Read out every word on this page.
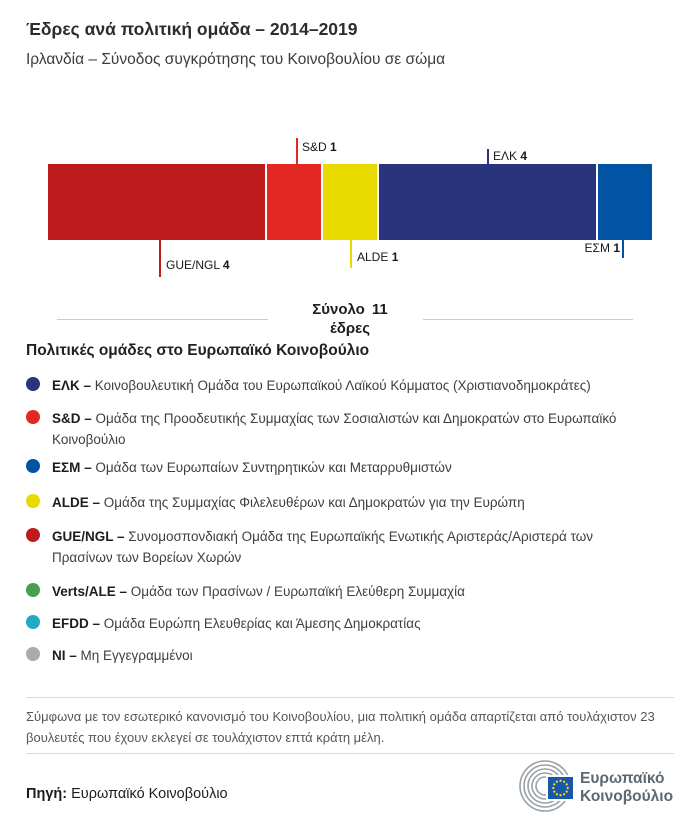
Έδρες ανά πολιτική ομάδα – 2014–2019
Ιρλανδία – Σύνοδος συγκρότησης του Κοινοβουλίου σε σώμα
GUE/NGL 4
S&D 1
ALDE 1
ΕΛΚ 4
ΕΣΜ 1
Σύνολο 11
έδρες
Πολιτικές ομάδες στο Ευρωπαϊκό Κοινοβούλιο
ΕΛΚ – Κοινοβουλευτική Ομάδα του Ευρωπαϊκού Λαϊκού Κόμματος (Χριστιανοδημοκράτες)
S&D – Ομάδα της Προοδευτικής Συμμαχίας των Σοσιαλιστών και Δημοκρατών στο Ευρωπαϊκό Κοινοβούλιο
ΕΣΜ – Ομάδα των Ευρωπαίων Συντηρητικών και Μεταρρυθμιστών
ALDE – Ομάδα της Συμμαχίας Φιλελευθέρων και Δημοκρατών για την Ευρώπη
GUE/NGL – Συνομοσπονδιακή Ομάδα της Ευρωπαϊκής Ενωτικής Αριστεράς/Αριστερά των Πρασίνων των Βορείων Χωρών
Verts/ALE – Ομάδα των Πρασίνων / Ευρωπαϊκή Ελεύθερη Συμμαχία
EFDD – Ομάδα Ευρώπη Ελευθερίας και Άμεσης Δημοκρατίας
NI – Μη Εγγεγραμμένοι
Σύμφωνα με τον εσωτερικό κανονισμό του Κοινοβουλίου, μια πολιτική ομάδα απαρτίζεται από τουλάχιστον 23 βουλευτές που έχουν εκλεγεί σε τουλάχιστον επτά κράτη μέλη.
Πηγή: Ευρωπαϊκό Κοινοβούλιο
Ευρωπαϊκό
Κοινοβούλιο
